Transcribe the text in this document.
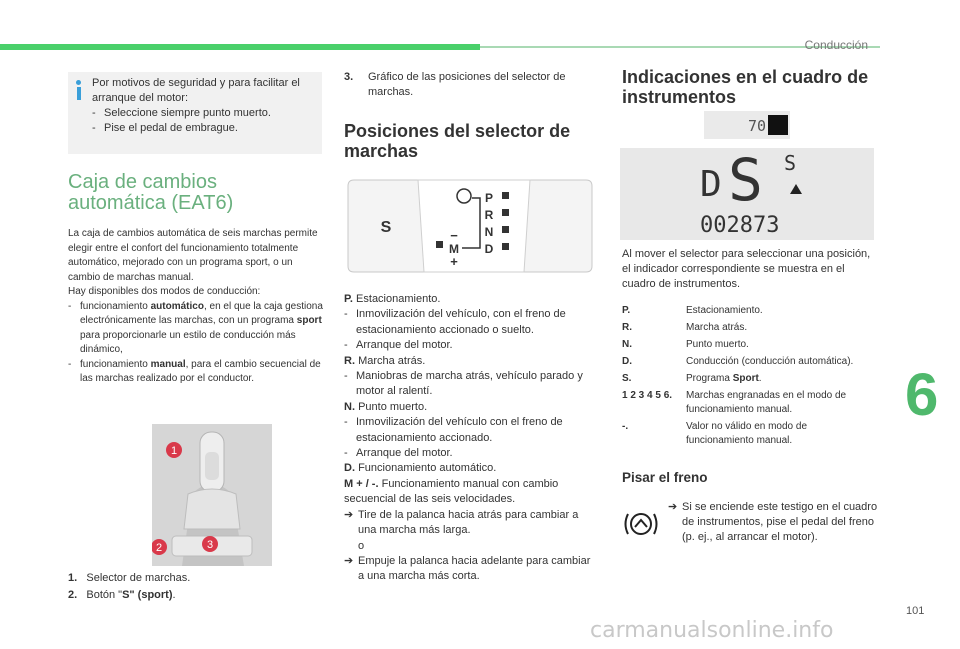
Conducción
6
101
Por motivos de seguridad y para facilitar el arranque del motor:
- Seleccione siempre punto muerto.
- Pise el pedal de embrague.
Caja de cambios
automática (EAT6)
La caja de cambios automática de seis marchas permite elegir entre el confort del funcionamiento totalmente automático, mejorado con un programa sport, o un cambio de marchas manual.
Hay disponibles dos modos de conducción:
- funcionamiento automático, en el que la caja gestiona electrónicamente las marchas, con un programa sport para proporcionarle un estilo de conducción más dinámico,
- funcionamiento manual, para el cambio secuencial de las marchas realizado por el conductor.
1
2	3
1. Selector de marchas.
2. Botón "S" (sport).
3.	Gráfico de las posiciones del selector de marchas.
Posiciones del selector de marchas
S
P
R
N
D
M
−
+
P. Estacionamiento.
- Inmovilización del vehículo, con el freno de estacionamiento accionado o suelto.
- Arranque del motor.
R. Marcha atrás.
- Maniobras de marcha atrás, vehículo parado y motor al ralentí.
N. Punto muerto.
- Inmovilización del vehículo con el freno de estacionamiento accionado.
- Arranque del motor.
D. Funcionamiento automático.
M + / -. Funcionamiento manual con cambio secuencial de las seis velocidades.
➔ Tire de la palanca hacia atrás para cambiar a una marcha más larga.
o
➔ Empuje la palanca hacia adelante para cambiar a una marcha más corta.
Indicaciones en el cuadro de instrumentos
70
D S S
002873
Al mover el selector para seleccionar una posición, el indicador correspondiente se muestra en el cuadro de instrumentos.
P.	Estacionamiento.
R.	Marcha atrás.
N.	Punto muerto.
D.	Conducción (conducción automática).
S.	Programa Sport.
1 2 3 4 5 6.	Marchas engranadas en el modo de funcionamiento manual.
-.	Valor no válido en modo de funcionamiento manual.
Pisar el freno
➔ Si se enciende este testigo en el cuadro de instrumentos, pise el pedal del freno (p. ej., al arrancar el motor).
carmanualsonline.info
